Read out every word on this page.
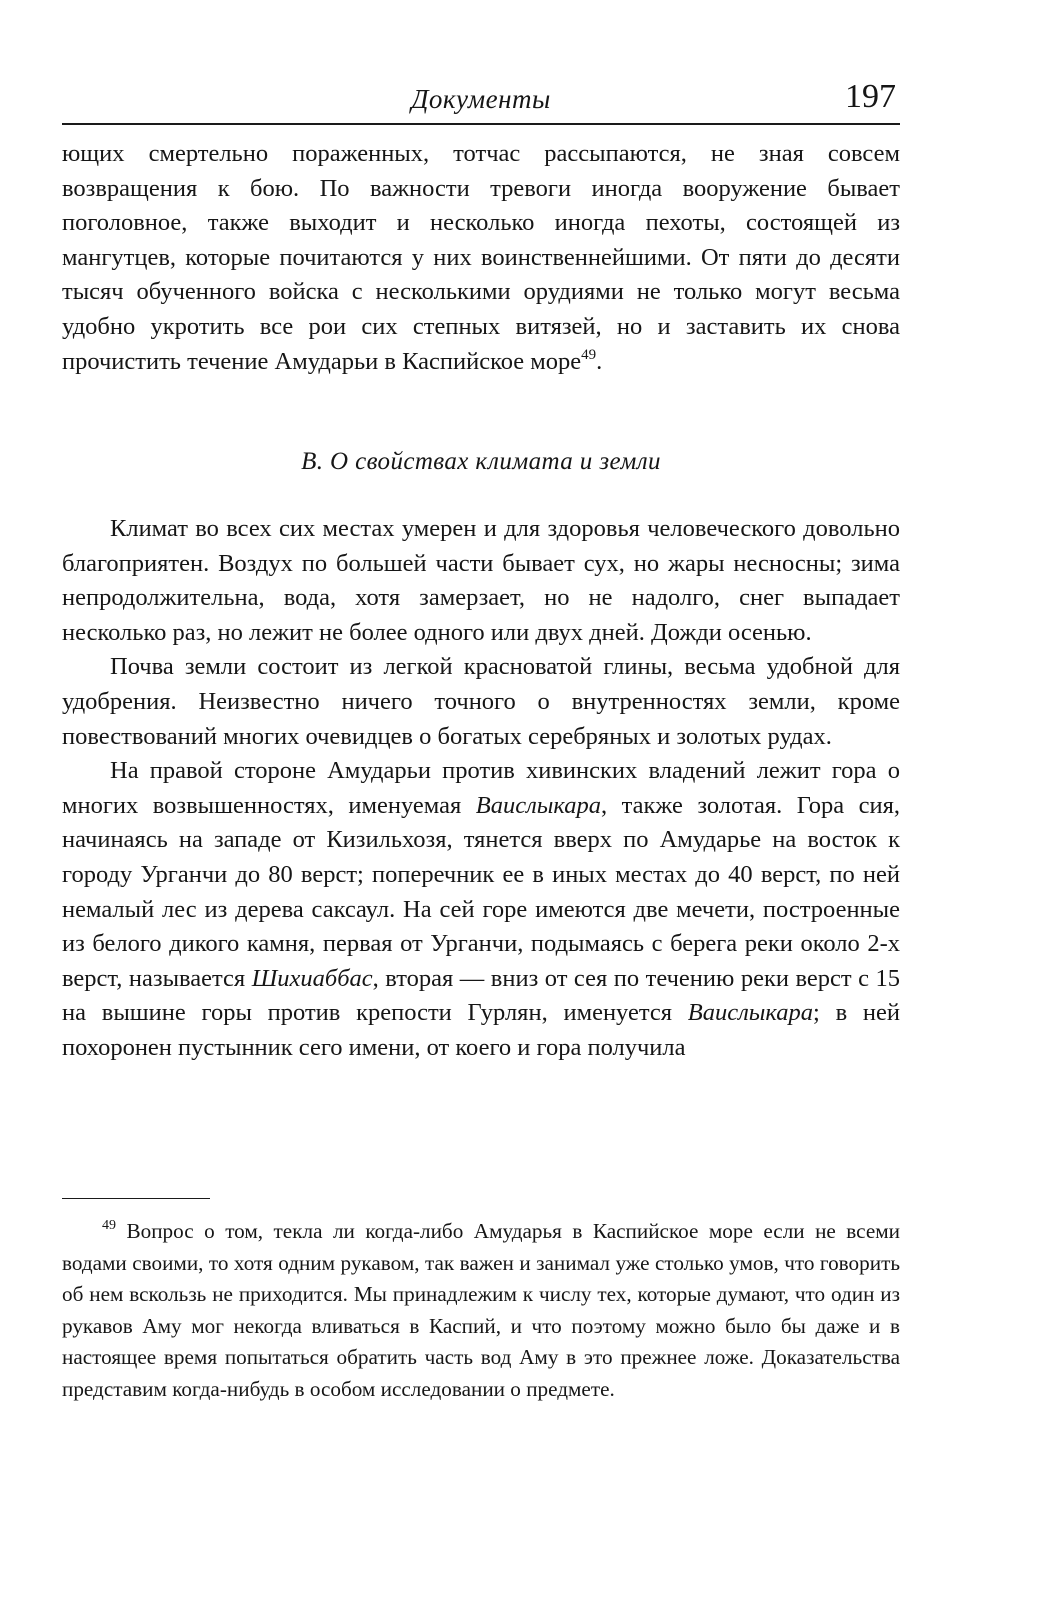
Документы	197

ющих смертельно пораженных, тотчас рассыпаются, не зная совсем возвращения к бою. По важности тревоги иногда вооружение бывает поголовное, также выходит и несколько иногда пехоты, состоящей из мангутцев, которые почитаются у них воинственнейшими. От пяти до десяти тысяч обученного войска с несколькими орудиями не только могут весьма удобно укротить все рои сих степных витязей, но и заставить их снова прочистить течение Амударьи в Каспийское море$^{49}$.

В. О свойствах климата и земли

Климат во всех сих местах умерен и для здоровья человеческого довольно благоприятен. Воздух по большей части бывает сух, но жары несносны; зима непродолжительна, вода, хотя замерзает, но не надолго, снег выпадает несколько раз, но лежит не более одного или двух дней. Дожди осенью.

Почва земли состоит из легкой красноватой глины, весьма удобной для удобрения. Неизвестно ничего точного о внутренностях земли, кроме повествований многих очевидцев о богатых серебряных и золотых рудах.

На правой стороне Амударьи против хивинских владений лежит гора о многих возвышенностях, именуемая Ваислыкара, также золотая. Гора сия, начинаясь на западе от Кизильхозя, тянется вверх по Амударье на восток к городу Урганчи до 80 верст; поперечник ее в иных местах до 40 верст, по ней немалый лес из дерева саксаул. На сей горе имеются две мечети, построенные из белого дикого камня, первая от Урганчи, подымаясь с берега реки около 2-х верст, называется Шихиаббас, вторая — вниз от сея по течению реки верст с 15 на вышине горы против крепости Гурлян, именуется Ваислыкара; в ней похоронен пустынник сего имени, от коего и гора получила

$^{49}$ Вопрос о том, текла ли когда-либо Амударья в Каспийское море если не всеми водами своими, то хотя одним рукавом, так важен и занимал уже столько умов, что говорить об нем вскользь не приходится. Мы принадлежим к числу тех, которые думают, что один из рукавов Аму мог некогда вливаться в Каспий, и что поэтому можно было бы даже и в настоящее время попытаться обратить часть вод Аму в это прежнее ложе. Доказательства представим когда-нибудь в особом исследовании о предмете.
